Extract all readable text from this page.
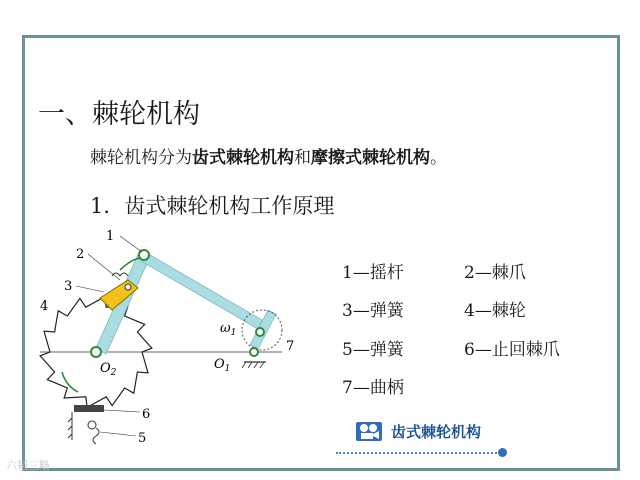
一、棘轮机构
棘轮机构分为齿式棘轮机构和摩擦式棘轮机构。
1．齿式棘轮机构工作原理
1
2
3
4
6
5
7
$O_2$
$O_1$
$\omega_1$
1—摇杆	2—棘爪
3—弹簧	4—棘轮
5—弹簧	6—止回棘爪
7—曲柄
齿式棘轮机构
六韬三略
